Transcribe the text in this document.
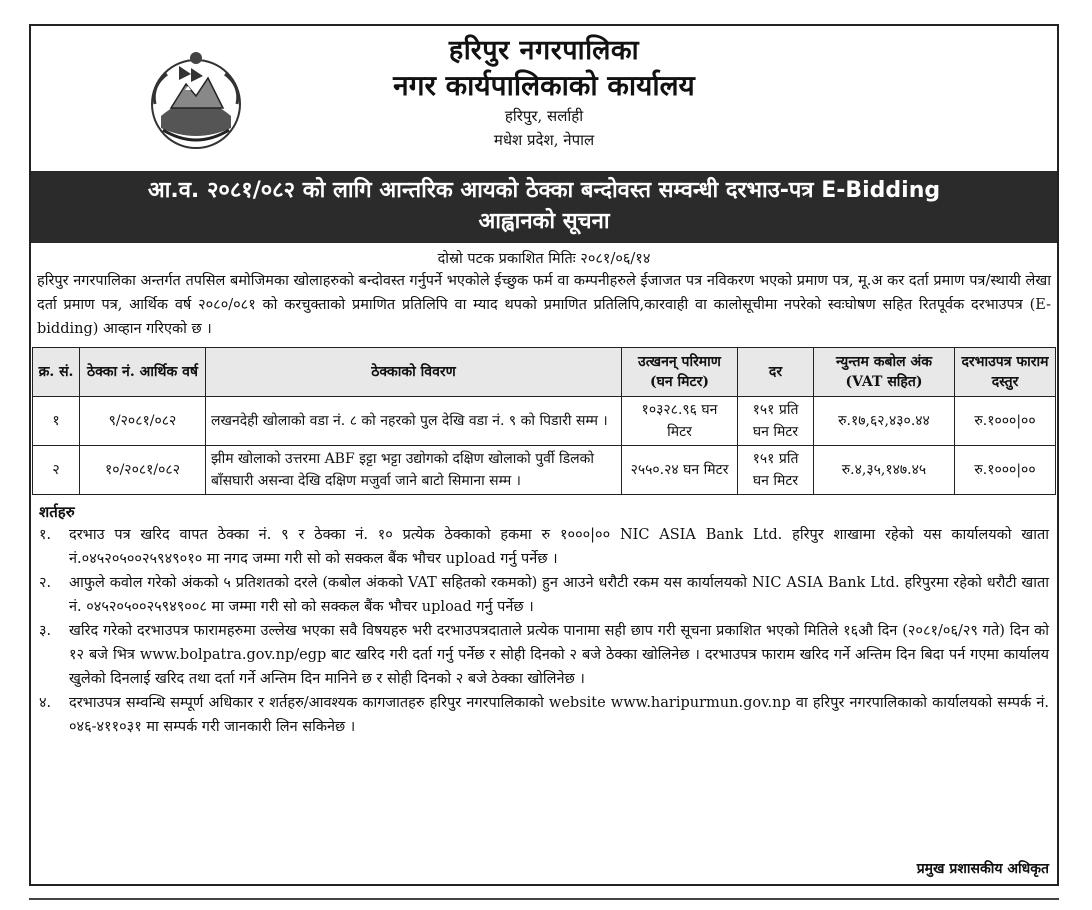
हरिपुर नगरपालिका
नगर कार्यपालिकाको कार्यालय
हरिपुर, सर्लाही
मधेश प्रदेश, नेपाल
आ.व. २०८१/०८२ को लागि आन्तरिक आयको ठेक्का बन्दोवस्त सम्वन्धी दरभाउ-पत्र E-Bidding
आह्वानको सूचना
दोस्रो पटक प्रकाशित मितिः २०८१/०६/१४
हरिपुर नगरपालिका अन्तर्गत तपसिल बमोजिमका खोलाहरुको बन्दोवस्त गर्नुपर्ने भएकोले ईच्छुक फर्म वा कम्पनीहरुले ईजाजत पत्र नविकरण भएको प्रमाण पत्र, मू.अ कर दर्ता प्रमाण पत्र/स्थायी लेखा दर्ता प्रमाण पत्र, आर्थिक वर्ष २०८०/०८१ को करचुक्ताको प्रमाणित प्रतिलिपि वा म्याद थपको प्रमाणित प्रतिलिपि,कारवाही वा कालोसूचीमा नपरेको स्वःघोषण सहित रितपूर्वक दरभाउपत्र (E-bidding) आव्हान गरिएको छ ।
क्र. सं.	ठेक्का नं. आर्थिक वर्ष	ठेक्काको विवरण	उत्खनन् परिमाण (घन मिटर)	दर	न्युन्तम कबोल अंक (VAT सहित)	दरभाउपत्र फाराम दस्तुर
१	९/२०८१/०८२	लखनदेही खोलाको वडा नं. ८ को नहरको पुल देखि वडा नं. ९ को पिडारी सम्म ।	१०३२८.९६ घन मिटर	१५१ प्रति घन मिटर	रु.१७,६२,४३०.४४	रु.१०००|००
२	१०/२०८१/०८२	झीम खोलाको उत्तरमा ABF इट्टा भट्टा उद्योगको दक्षिण खोलाको पुर्वी डिलको बाँसघारी असन्वा देखि दक्षिण मजुर्वा जाने बाटो सिमाना सम्म ।	२५५०.२४ घन मिटर	१५१ प्रति घन मिटर	रु.४,३५,१४७.४५	रु.१०००|००
शर्तहरु
१.	दरभाउ पत्र खरिद वापत ठेक्का नं. ९ र ठेक्का नं. १० प्रत्येक ठेक्काको हकमा रु १०००|०० NIC ASIA Bank Ltd. हरिपुर शाखामा रहेको यस कार्यालयको खाता नं.०४५२०५००२५९४९०१० मा नगद जम्मा गरी सो को सक्कल बैंक भौचर upload गर्नु पर्नेछ ।
२.	आफुले कवोल गरेको अंकको ५ प्रतिशतको दरले (कबोल अंकको VAT सहितको रकमको) हुन आउने धरौटी रकम यस कार्यालयको NIC ASIA Bank Ltd. हरिपुरमा रहेको धरौटी खाता नं. ०४५२०५००२५९४९००८ मा जम्मा गरी सो को सक्कल बैंक भौचर upload गर्नु पर्नेछ ।
३.	खरिद गरेको दरभाउपत्र फारामहरुमा उल्लेख भएका सवै विषयहरु भरी दरभाउपत्रदाताले प्रत्येक पानामा सही छाप गरी सूचना प्रकाशित भएको मितिले १६औ दिन (२०८१/०६/२९ गते) दिन को १२ बजे भित्र www.bolpatra.gov.np/egp बाट खरिद गरी दर्ता गर्नु पर्नेछ र सोही दिनको २ बजे ठेक्का खोलिनेछ । दरभाउपत्र फाराम खरिद गर्ने अन्तिम दिन बिदा पर्न गएमा कार्यालय खुलेको दिनलाई खरिद तथा दर्ता गर्ने अन्तिम दिन मानिने छ र सोही दिनको २ बजे ठेक्का खोलिनेछ ।
४.	दरभाउपत्र सम्वन्धि सम्पूर्ण अधिकार र शर्तहरु/आवश्यक कागजातहरु हरिपुर नगरपालिकाको website www.haripurmun.gov.np वा हरिपुर नगरपालिकाको कार्यालयको सम्पर्क नं. ०४६-४११०३१ मा सम्पर्क गरी जानकारी लिन सकिनेछ ।
प्रमुख प्रशासकीय अधिकृत
